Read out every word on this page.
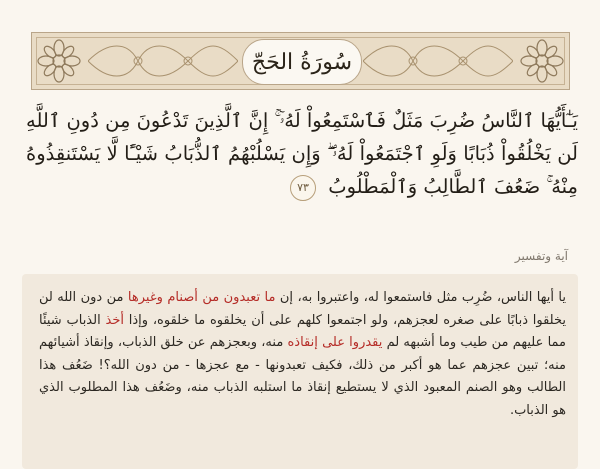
سُورَةُ الحَجّ
يَـٰٓأَيُّهَا ٱلنَّاسُ ضُرِبَ مَثَلٌ فَٱسْتَمِعُواْ لَهُۥٓ ۚ إِنَّ ٱلَّذِينَ تَدْعُونَ مِن دُونِ ٱللَّهِ لَن يَخْلُقُواْ ذُبَابًا وَلَوِ ٱجْتَمَعُواْ لَهُۥ ۖ وَإِن يَسْلُبْهُمُ ٱلذُّبَابُ شَيْـًٔا لَّا يَسْتَنقِذُوهُ مِنْهُ ۚ ضَعُفَ ٱلطَّالِبُ وَٱلْمَطْلُوبُ ٧٣
آية وتفسير
يا أيها الناس، ضُرِب مثل فاستمعوا له، واعتبروا به، إن ما تعبدون من أصنام وغيرها من دون الله لن يخلقوا ذبابًا على صغره لعجزهم، ولو اجتمعوا كلهم على أن يخلقوه ما خلقوه، وإذا أخذ الذباب شيئًا مما عليهم من طيب وما أشبهه لم يقدروا على إنقاذه منه، وبعجزهم عن خلق الذباب، وإنقاذ أشيائهم منه؛ تبين عجزهم عما هو أكبر من ذلك، فكيف تعبدونها - مع عجزها - من دون الله؟! ضَعُف هذا الطالب وهو الصنم المعبود الذي لا يستطيع إنقاذ ما استلبه الذباب منه، وضَعُف هذا المطلوب الذي هو الذباب.
